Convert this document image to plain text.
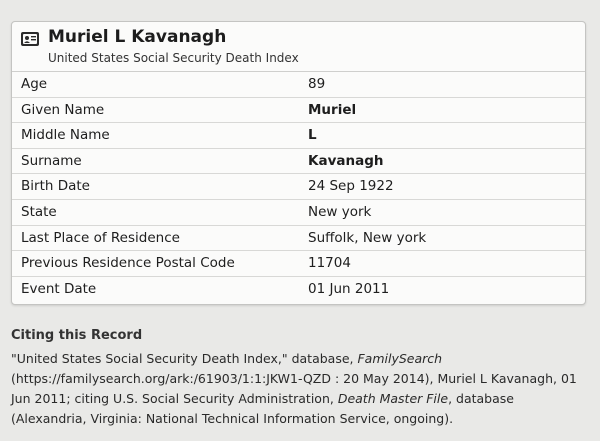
Muriel L Kavanagh
United States Social Security Death Index
Age	89
Given Name	Muriel
Middle Name	L
Surname	Kavanagh
Birth Date	24 Sep 1922
State	New york
Last Place of Residence	Suffolk, New york
Previous Residence Postal Code	11704
Event Date	01 Jun 2011
Citing this Record

"United States Social Security Death Index," database, FamilySearch (https://familysearch.org/ark:/61903/1:1:JKW1-QZD : 20 May 2014), Muriel L Kavanagh, 01 Jun 2011; citing U.S. Social Security Administration, Death Master File, database (Alexandria, Virginia: National Technical Information Service, ongoing).
